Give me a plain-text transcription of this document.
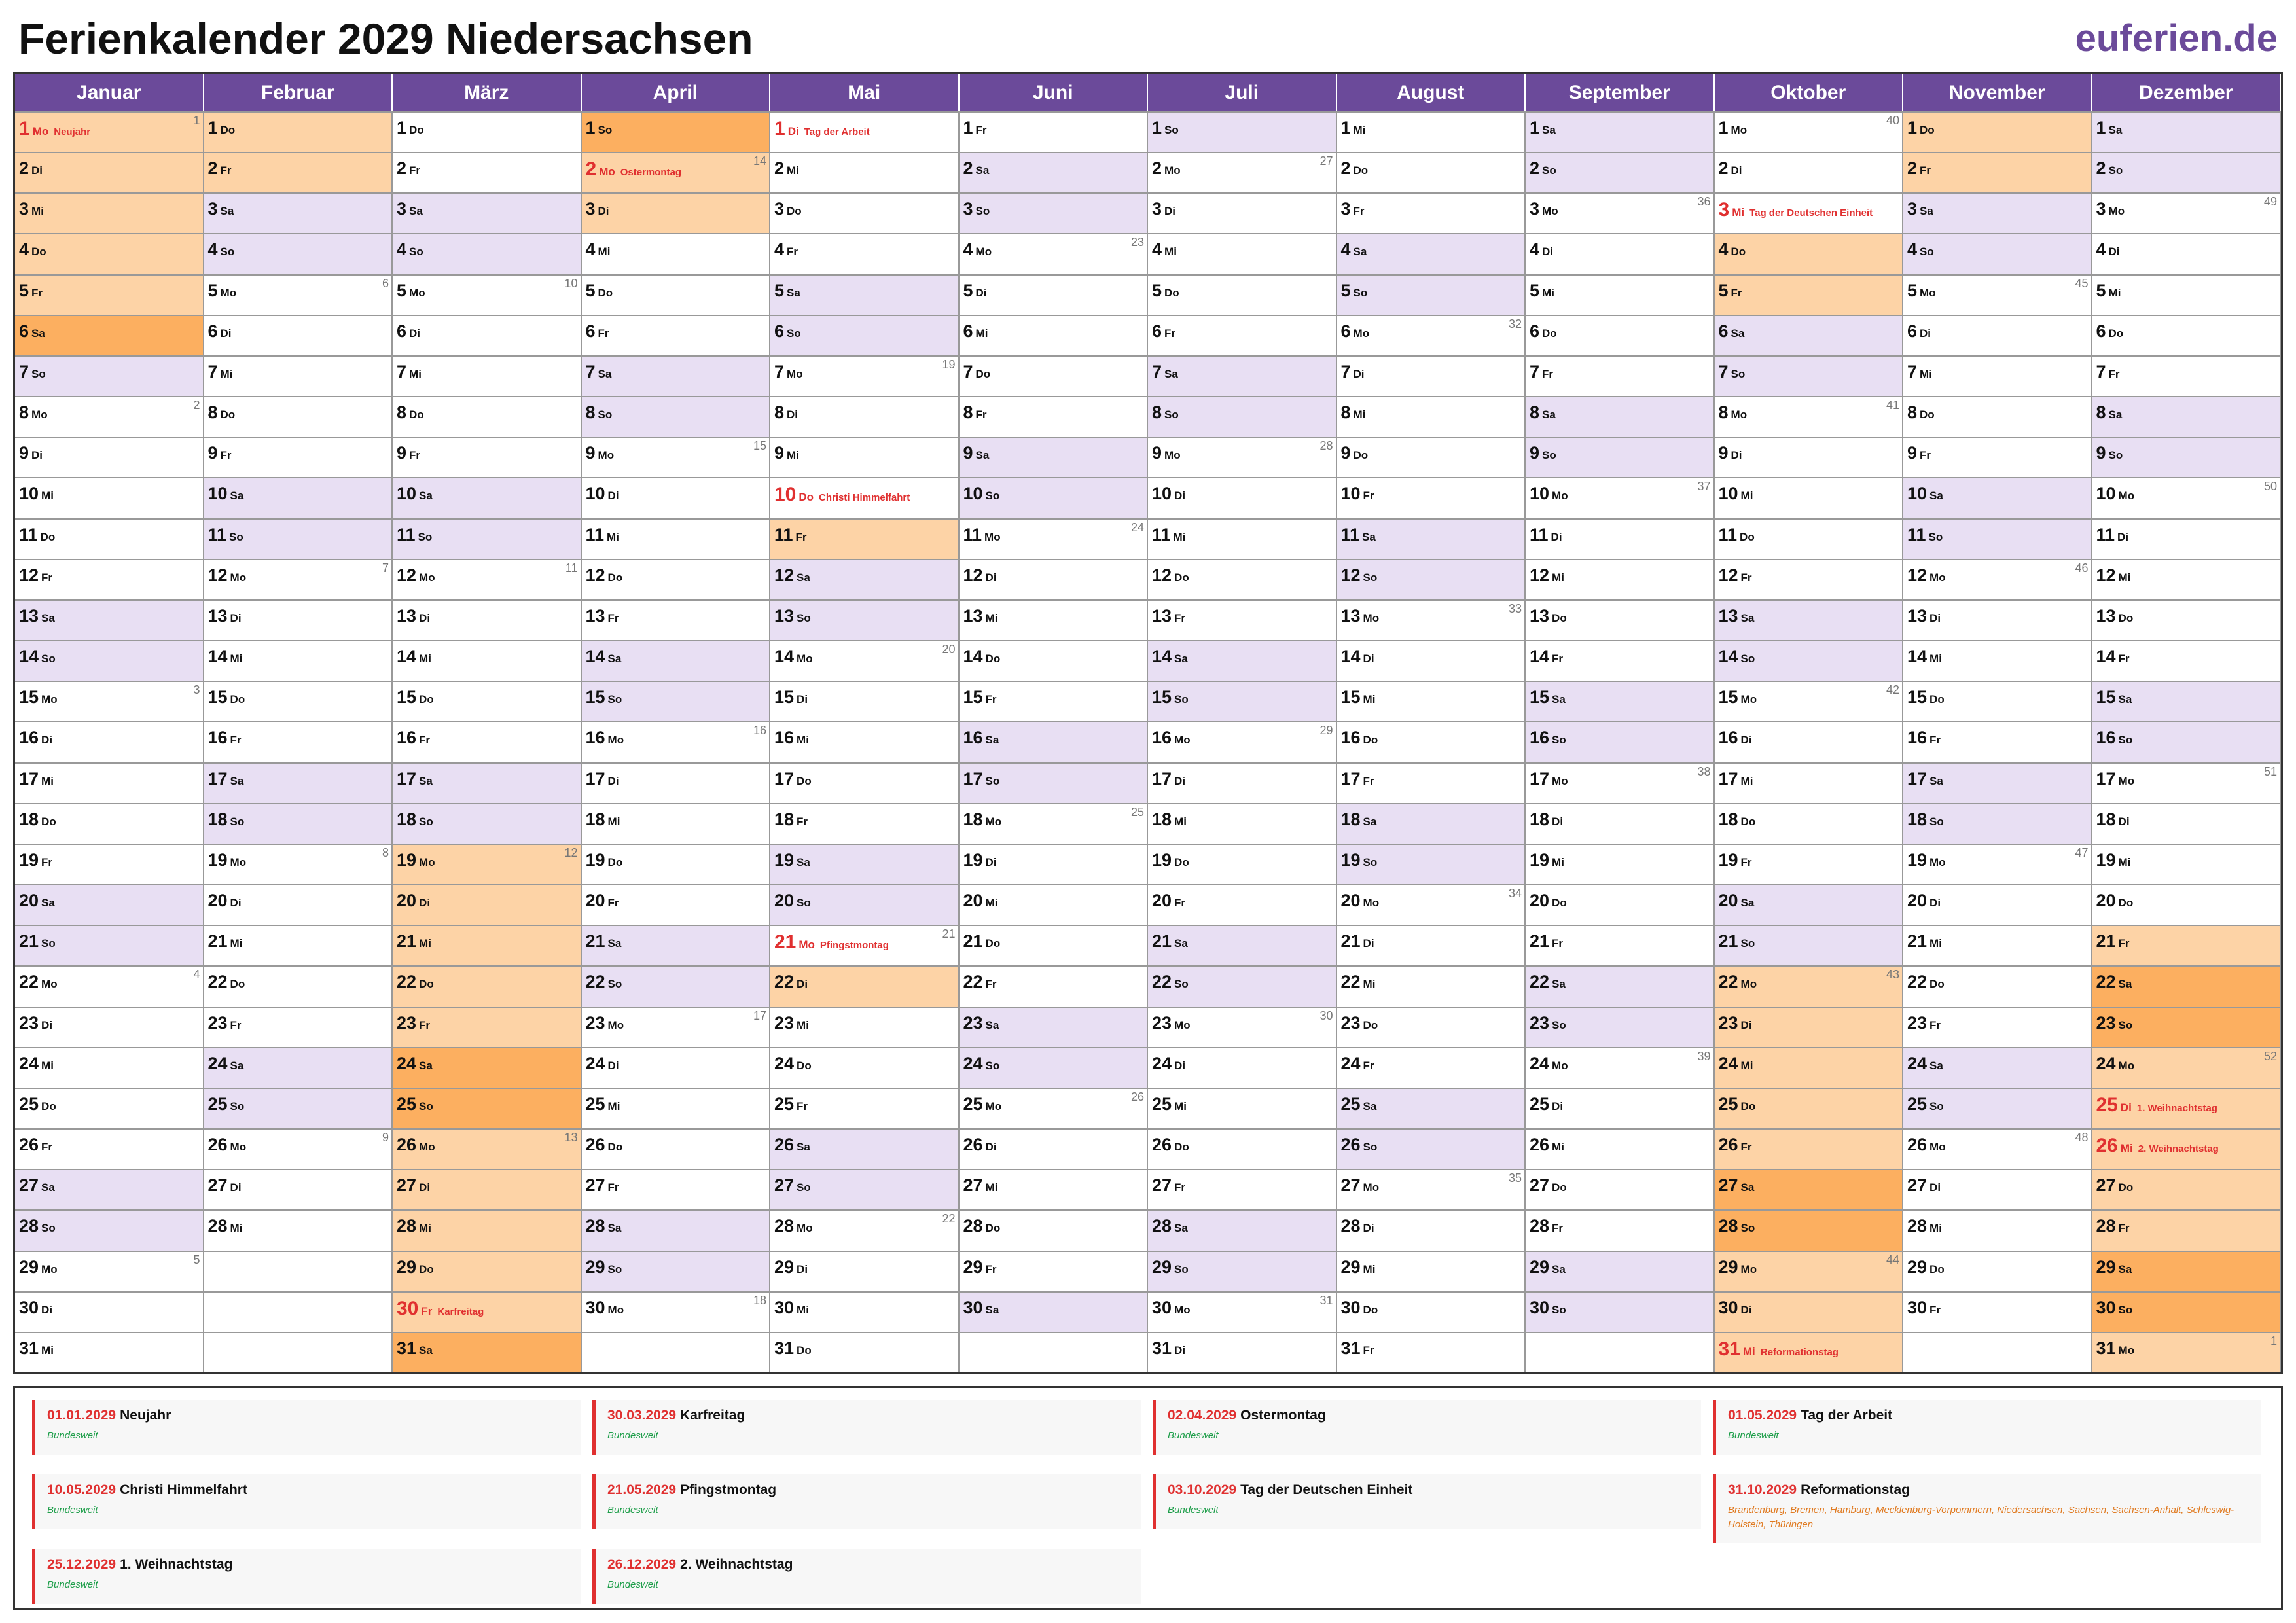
Ferienkalender 2029 Niedersachsen	euferien.de
Januar
1 Mo Neujahr
1
2 Di
3 Mi
4 Do
5 Fr
6 Sa
7 So
8 Mo
2
9 Di
10 Mi
11 Do
12 Fr
13 Sa
14 So
15 Mo
3
16 Di
17 Mi
18 Do
19 Fr
20 Sa
21 So
22 Mo
4
23 Di
24 Mi
25 Do
26 Fr
27 Sa
28 So
29 Mo
5
30 Di
31 Mi
Februar
1 Do
2 Fr
3 Sa
4 So
5 Mo
6
6 Di
7 Mi
8 Do
9 Fr
10 Sa
11 So
12 Mo
7
13 Di
14 Mi
15 Do
16 Fr
17 Sa
18 So
19 Mo
8
20 Di
21 Mi
22 Do
23 Fr
24 Sa
25 So
26 Mo
9
27 Di
28 Mi
März
1 Do
2 Fr
3 Sa
4 So
5 Mo
10
6 Di
7 Mi
8 Do
9 Fr
10 Sa
11 So
12 Mo
11
13 Di
14 Mi
15 Do
16 Fr
17 Sa
18 So
19 Mo
12
20 Di
21 Mi
22 Do
23 Fr
24 Sa
25 So
26 Mo
13
27 Di
28 Mi
29 Do
30 Fr Karfreitag
31 Sa
April
1 So
2 Mo Ostermontag
14
3 Di
4 Mi
5 Do
6 Fr
7 Sa
8 So
9 Mo
15
10 Di
11 Mi
12 Do
13 Fr
14 Sa
15 So
16 Mo
16
17 Di
18 Mi
19 Do
20 Fr
21 Sa
22 So
23 Mo
17
24 Di
25 Mi
26 Do
27 Fr
28 Sa
29 So
30 Mo
18
Mai
1 Di Tag der Arbeit
2 Mi
3 Do
4 Fr
5 Sa
6 So
7 Mo
19
8 Di
9 Mi
10 Do Christi Himmelfahrt
11 Fr
12 Sa
13 So
14 Mo
20
15 Di
16 Mi
17 Do
18 Fr
19 Sa
20 So
21 Mo Pfingstmontag
21
22 Di
23 Mi
24 Do
25 Fr
26 Sa
27 So
28 Mo
22
29 Di
30 Mi
31 Do
Juni
1 Fr
2 Sa
3 So
4 Mo
23
5 Di
6 Mi
7 Do
8 Fr
9 Sa
10 So
11 Mo
24
12 Di
13 Mi
14 Do
15 Fr
16 Sa
17 So
18 Mo
25
19 Di
20 Mi
21 Do
22 Fr
23 Sa
24 So
25 Mo
26
26 Di
27 Mi
28 Do
29 Fr
30 Sa
Juli
1 So
2 Mo
27
3 Di
4 Mi
5 Do
6 Fr
7 Sa
8 So
9 Mo
28
10 Di
11 Mi
12 Do
13 Fr
14 Sa
15 So
16 Mo
29
17 Di
18 Mi
19 Do
20 Fr
21 Sa
22 So
23 Mo
30
24 Di
25 Mi
26 Do
27 Fr
28 Sa
29 So
30 Mo
31
31 Di
August
1 Mi
2 Do
3 Fr
4 Sa
5 So
6 Mo
32
7 Di
8 Mi
9 Do
10 Fr
11 Sa
12 So
13 Mo
33
14 Di
15 Mi
16 Do
17 Fr
18 Sa
19 So
20 Mo
34
21 Di
22 Mi
23 Do
24 Fr
25 Sa
26 So
27 Mo
35
28 Di
29 Mi
30 Do
31 Fr
September
1 Sa
2 So
3 Mo
36
4 Di
5 Mi
6 Do
7 Fr
8 Sa
9 So
10 Mo
37
11 Di
12 Mi
13 Do
14 Fr
15 Sa
16 So
17 Mo
38
18 Di
19 Mi
20 Do
21 Fr
22 Sa
23 So
24 Mo
39
25 Di
26 Mi
27 Do
28 Fr
29 Sa
30 So
Oktober
1 Mo
40
2 Di
3 Mi Tag der Deutschen Einheit
4 Do
5 Fr
6 Sa
7 So
8 Mo
41
9 Di
10 Mi
11 Do
12 Fr
13 Sa
14 So
15 Mo
42
16 Di
17 Mi
18 Do
19 Fr
20 Sa
21 So
22 Mo
43
23 Di
24 Mi
25 Do
26 Fr
27 Sa
28 So
29 Mo
44
30 Di
31 Mi Reformationstag
November
1 Do
2 Fr
3 Sa
4 So
5 Mo
45
6 Di
7 Mi
8 Do
9 Fr
10 Sa
11 So
12 Mo
46
13 Di
14 Mi
15 Do
16 Fr
17 Sa
18 So
19 Mo
47
20 Di
21 Mi
22 Do
23 Fr
24 Sa
25 So
26 Mo
48
27 Di
28 Mi
29 Do
30 Fr
Dezember
1 Sa
2 So
3 Mo
49
4 Di
5 Mi
6 Do
7 Fr
8 Sa
9 So
10 Mo
50
11 Di
12 Mi
13 Do
14 Fr
15 Sa
16 So
17 Mo
51
18 Di
19 Mi
20 Do
21 Fr
22 Sa
23 So
24 Mo
52
25 Di 1. Weihnachtstag
26 Mi 2. Weihnachtstag
27 Do
28 Fr
29 Sa
30 So
31 Mo
1
01.01.2029 Neujahr
Bundesweit
30.03.2029 Karfreitag
Bundesweit
02.04.2029 Ostermontag
Bundesweit
01.05.2029 Tag der Arbeit
Bundesweit
10.05.2029 Christi Himmelfahrt
Bundesweit
21.05.2029 Pfingstmontag
Bundesweit
03.10.2029 Tag der Deutschen Einheit
Bundesweit
31.10.2029 Reformationstag
Brandenburg, Bremen, Hamburg, Mecklenburg-Vorpommern, Niedersachsen, Sachsen, Sachsen-Anhalt, Schleswig-Holstein, Thüringen
25.12.2029 1. Weihnachtstag
Bundesweit
26.12.2029 2. Weihnachtstag
Bundesweit
